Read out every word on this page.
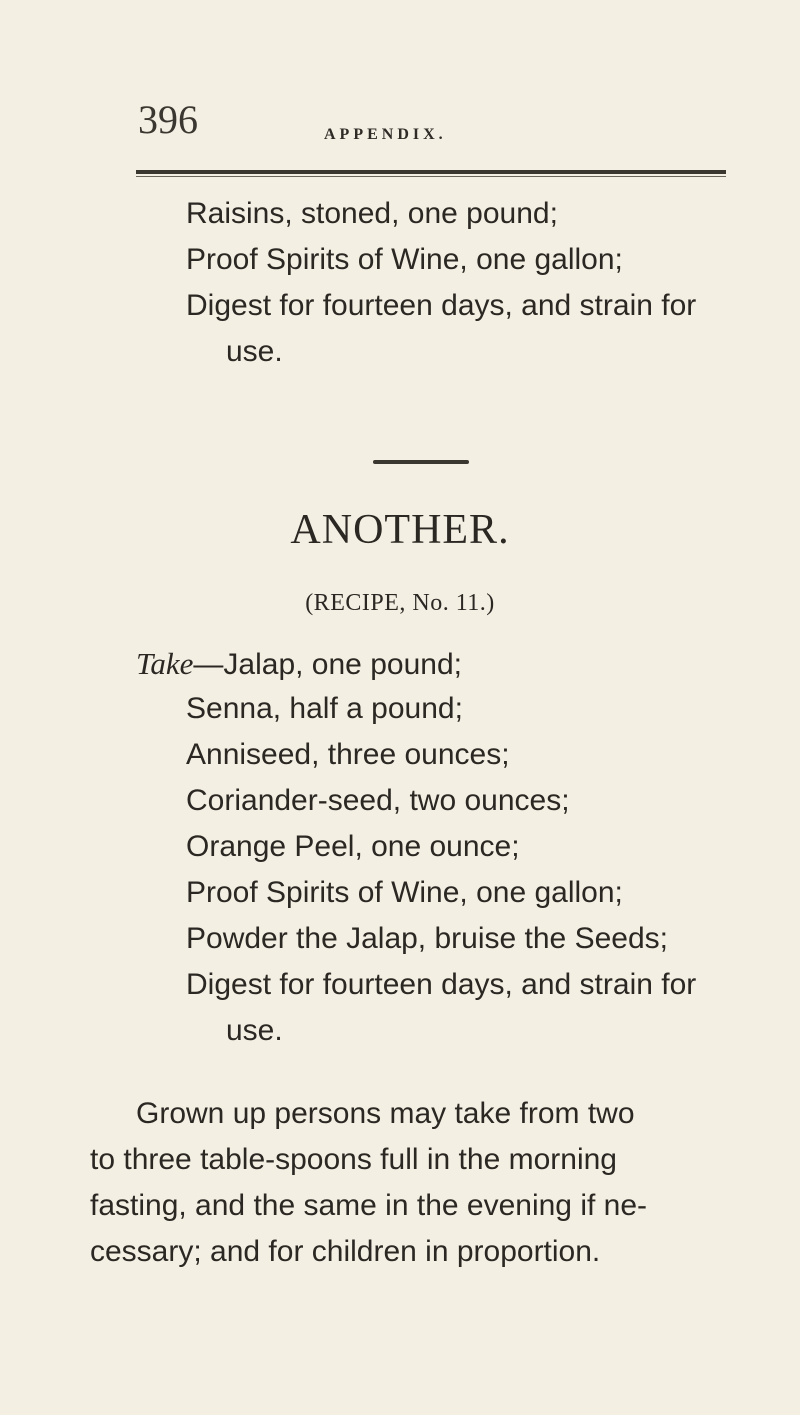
396	APPENDIX.
Raisins, stoned, one pound;
Proof Spirits of Wine, one gallon;
Digest for fourteen days, and strain for
use.
ANOTHER.
(RECIPE, No. 11.)
Take—Jalap, one pound;
Senna, half a pound;
Anniseed, three ounces;
Coriander-seed, two ounces;
Orange Peel, one ounce;
Proof Spirits of Wine, one gallon;
Powder the Jalap, bruise the Seeds;
Digest for fourteen days, and strain for
use.
Grown up persons may take from two
to three table-spoons full in the morning
fasting, and the same in the evening if ne-
cessary; and for children in proportion.
